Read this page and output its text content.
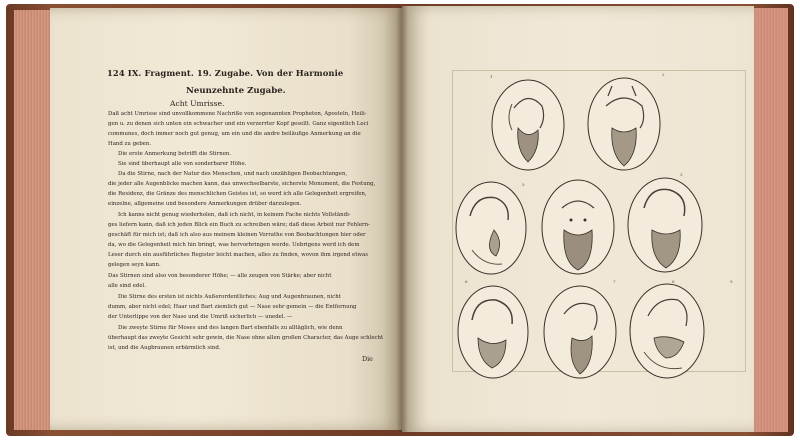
124 IX. Fragment. 19. Zugabe. Von der Harmonie
Neunzehnte Zugabe.
Acht Umrisse.
Daß acht Umrisse sind unvollkommene Nachriße von sogenannten Propheten, Aposteln, Heili-
gen u. zu denen sich unten ein schwacher und ein verzerrter Kopf gesellt. Ganz eigentlich Loci
communes, doch immer noch gut genug, um ein und die andre beiläufige Anmerkung an die
Hand zu geben.
Die erste Anmerkung betrifft die Stirnen.
Sie sind überhaupt alle von sonderbarer Höhe.
Da die Stirne, nach der Natur des Menschen, und nach unzähligen Beobachtungen,
die jeder alle Augenblicke machen kann, das unwechselbarste, sicherste Monument, die Festung,
die Residenz, die Gränze des menschlichen Geistes ist, so werd ich alle Gelegenheit ergreifen,
einzelne, allgemeine und besondere Anmerkungen drüber darzulegen.
Ich kanns nicht genug wiederholen, daß ich nicht, in keinem Fache nichts Vollständi-
ges liefern kann, daß ich jeden Blick ein Buch zu schreiben wäre; daß diese Arbeit nur Fehlern-
geschäft für mich ist; daß ich also aus meinem kleinen Vorrathe von Beobachtungen hier oder
da, wo die Gelegenheit mich hin bringt, was hervorbringen werde. Uebrigens werd ich dem
Leser durch ein ausführliches Register leicht machen, alles zu finden, wovon ihm irgend etwas
gelegen seyn kann.
Das Stirnen sind also von besonderer Höhe; — alle zeugen von Stärke; aber nicht
alle sind edel.
Die Stirne des ersten ist nichts Außerordentliches; Aug und Augenbraunen, nicht
dumm, aber nicht edel; Haar und Bart ziemlich gut — Nase sehr gemein — die Entfernung
der Unterlippe von der Nase und die Umriß sicherlich — unedel. —
Die zweyte Stirne für Moses und des langen Bart ebenfalls zu alltäglich, wie denn
überhaupt das zweyte Gesicht sehr gewin, die Nase ohne allen großen Character, das Auge schlecht
ist, und die Augbraunen erbärmlich sind.
Die
1	2
3
5
6	7	8	9
